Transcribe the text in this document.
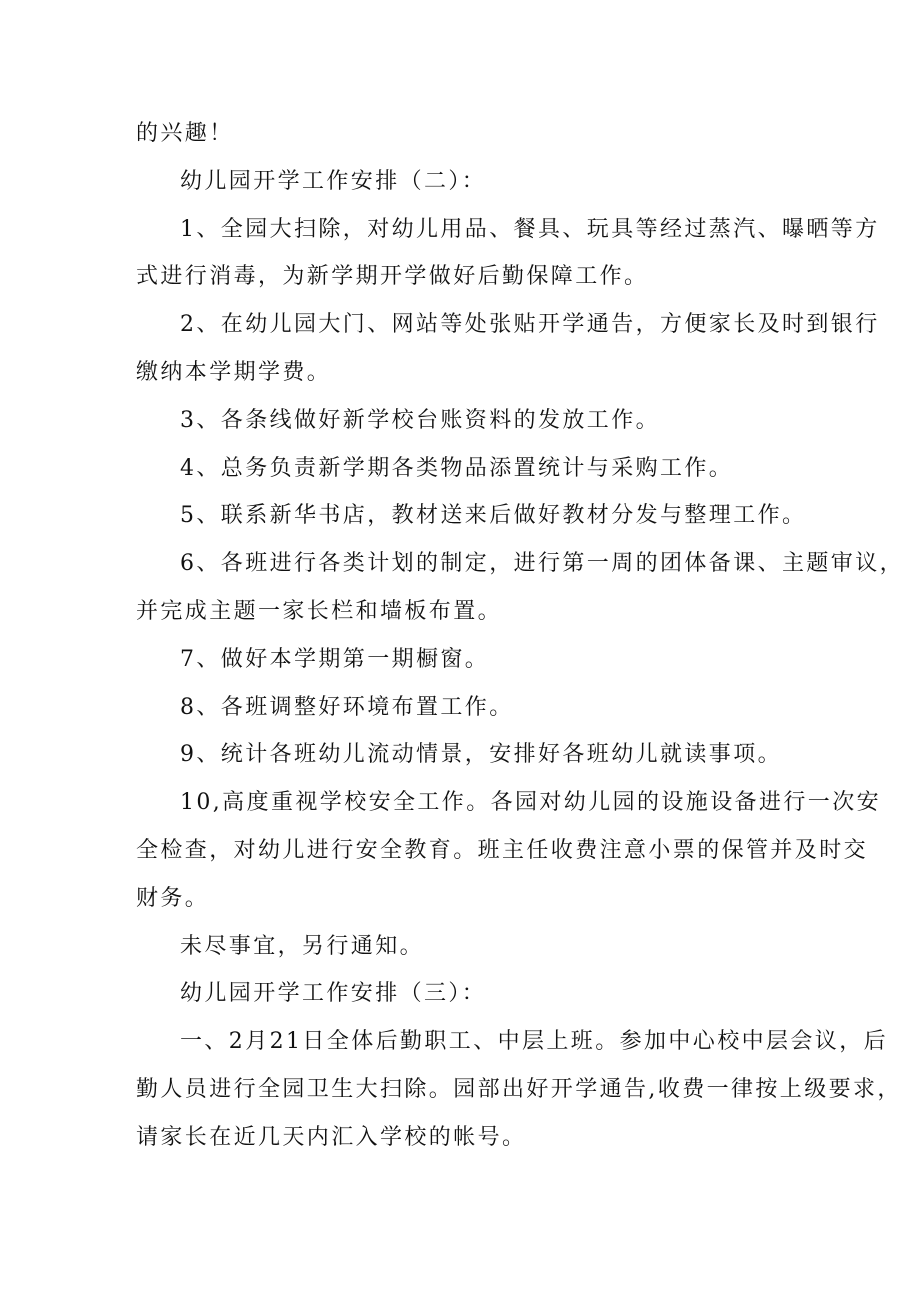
的兴趣！
幼儿园开学工作安排（二）：
1、全园大扫除，对幼儿用品、餐具、玩具等经过蒸汽、曝晒等方
式进行消毒，为新学期开学做好后勤保障工作。
2、在幼儿园大门、网站等处张贴开学通告，方便家长及时到银行
缴纳本学期学费。
3、各条线做好新学校台账资料的发放工作。
4、总务负责新学期各类物品添置统计与采购工作。
5、联系新华书店，教材送来后做好教材分发与整理工作。
6、各班进行各类计划的制定，进行第一周的团体备课、主题审议，
并完成主题一家长栏和墙板布置。
7、做好本学期第一期橱窗。
8、各班调整好环境布置工作。
9、统计各班幼儿流动情景，安排好各班幼儿就读事项。
10,高度重视学校安全工作。各园对幼儿园的设施设备进行一次安
全检查，对幼儿进行安全教育。班主任收费注意小票的保管并及时交
财务。
未尽事宜，另行通知。
幼儿园开学工作安排（三）：
一、2月21日全体后勤职工、中层上班。参加中心校中层会议，后
勤人员进行全园卫生大扫除。园部出好开学通告,收费一律按上级要求，
请家长在近几天内汇入学校的帐号。
